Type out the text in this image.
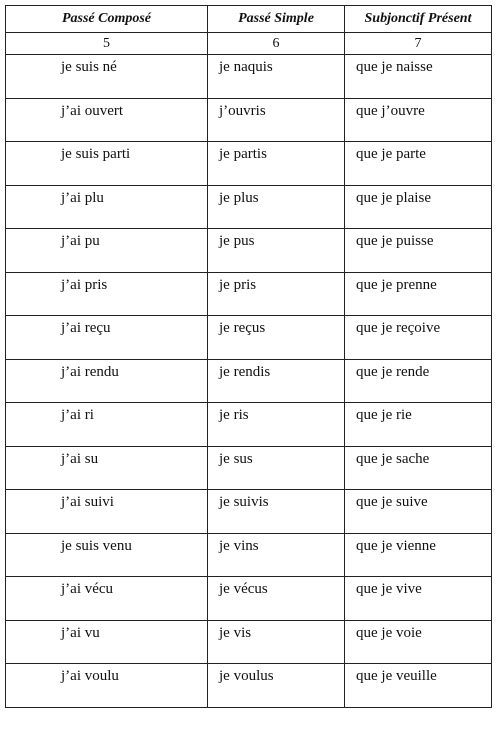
Passé Composé	Passé Simple	Subjonctif Présent
5	6	7
je suis né	je naquis	que je naisse
j’ai ouvert	j’ouvris	que j’ouvre
je suis parti	je partis	que je parte
j’ai plu	je plus	que je plaise
j’ai pu	je pus	que je puisse
j’ai pris	je pris	que je prenne
j’ai reçu	je reçus	que je reçoive
j’ai rendu	je rendis	que je rende
j’ai ri	je ris	que je rie
j’ai su	je sus	que je sache
j’ai suivi	je suivis	que je suive
je suis venu	je vins	que je vienne
j’ai vécu	je vécus	que je vive
j’ai vu	je vis	que je voie
j’ai voulu	je voulus	que je veuille
